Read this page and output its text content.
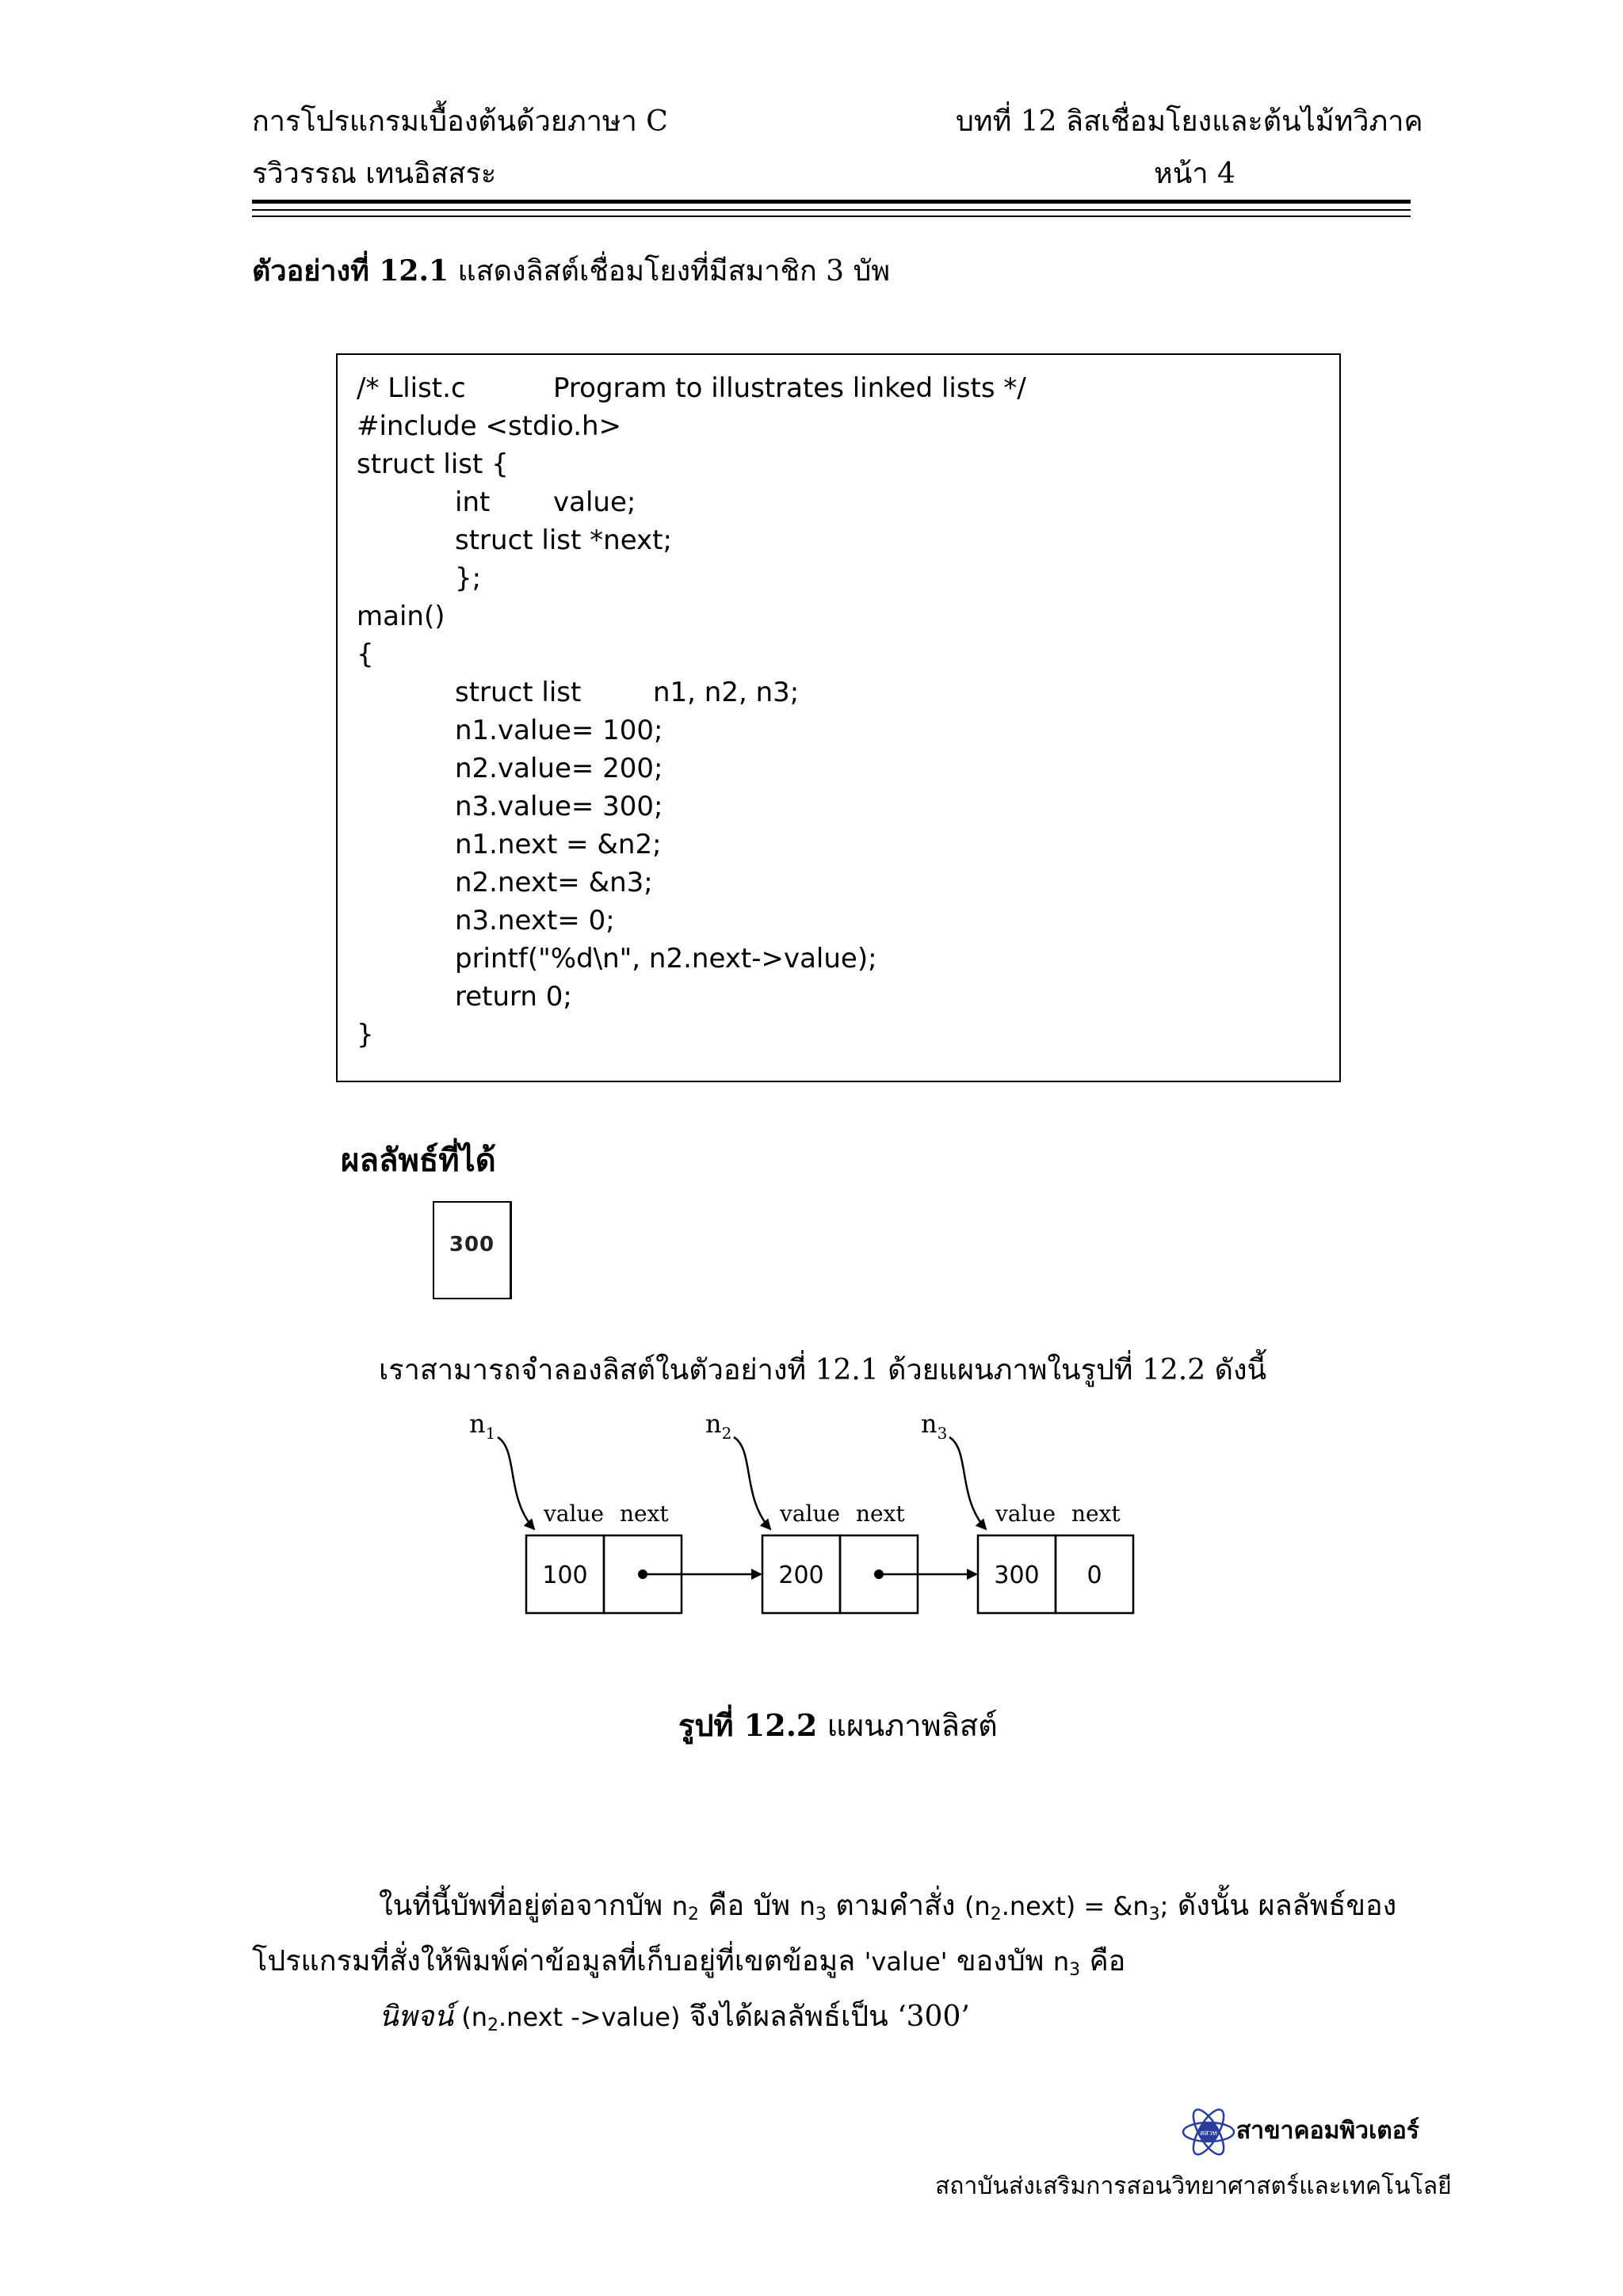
การโปรแกรมเบื้องต้นด้วยภาษา C	บทที่ 12 ลิสเชื่อมโยงและต้นไม้ทวิภาค
รวิวรรณ เทนอิสสระ	หน้า 4
ตัวอย่างที่ 12.1 แสดงลิสต์เชื่อมโยงที่มีสมาชิก 3 บัพ
/* Llist.c	Program to illustrates linked lists */
#include <stdio.h>
struct list {
int value;
struct list *next;
};
main()
{
struct list	n1, n2, n3;
n1.value= 100;
n2.value= 200;
n3.value= 300;
n1.next = &n2;
n2.next= &n3;
n3.next= 0;
printf("%d\n", n2.next->value);
return 0;
}
ผลลัพธ์ที่ได้
300
เราสามารถจำลองลิสต์ในตัวอย่างที่ 12.1 ด้วยแผนภาพในรูปที่ 12.2 ดังนี้
$n_1$
value next
100
$n_2$
value next
200
$n_3$
value next
300 0
รูปที่ 12.2 แผนภาพลิสต์
ในที่นี้บัพที่อยู่ต่อจากบัพ $n_2$ คือ บัพ $n_3$ ตามคำสั่ง $(n_2.next)$ = $\&n_3$; ดังนั้น ผลลัพธ์ของ
โปรแกรมที่สั่งให้พิมพ์ค่าข้อมูลที่เก็บอยู่ที่เขตข้อมูล 'value' ของบัพ $n_3$ คือ
นิพจน์ ($n_2.next$ ->value) จึงได้ผลลัพธ์เป็น ‘300’
สสวท สาขาคอมพิวเตอร์
สถาบันส่งเสริมการสอนวิทยาศาสตร์และเทคโนโลยี
